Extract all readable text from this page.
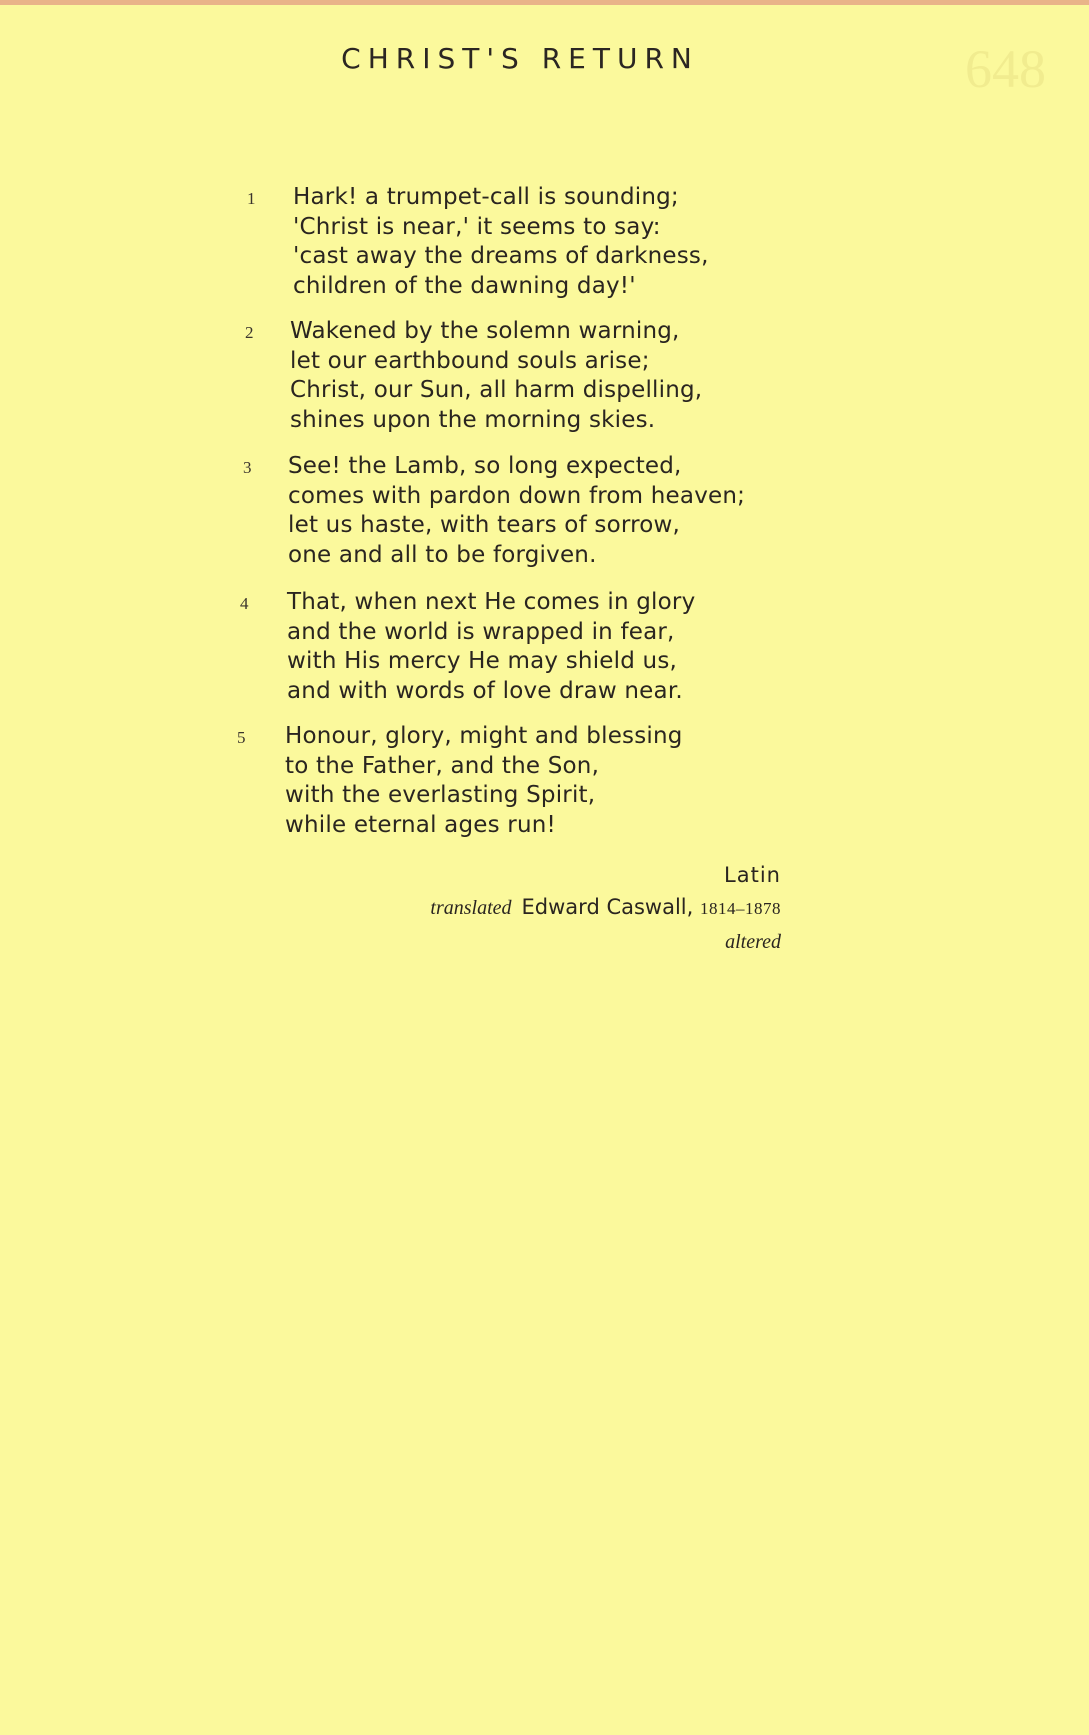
648
CHRIST'S RETURN
1 Hark! a trumpet-call is sounding;
'Christ is near,' it seems to say:
'cast away the dreams of darkness,
children of the dawning day!'
2 Wakened by the solemn warning,
let our earthbound souls arise;
Christ, our Sun, all harm dispelling,
shines upon the morning skies.
3 See! the Lamb, so long expected,
comes with pardon down from heaven;
let us haste, with tears of sorrow,
one and all to be forgiven.
4 That, when next He comes in glory
and the world is wrapped in fear,
with His mercy He may shield us,
and with words of love draw near.
5 Honour, glory, might and blessing
to the Father, and the Son,
with the everlasting Spirit,
while eternal ages run!
Latin
translated Edward Caswall, 1814–1878
altered
